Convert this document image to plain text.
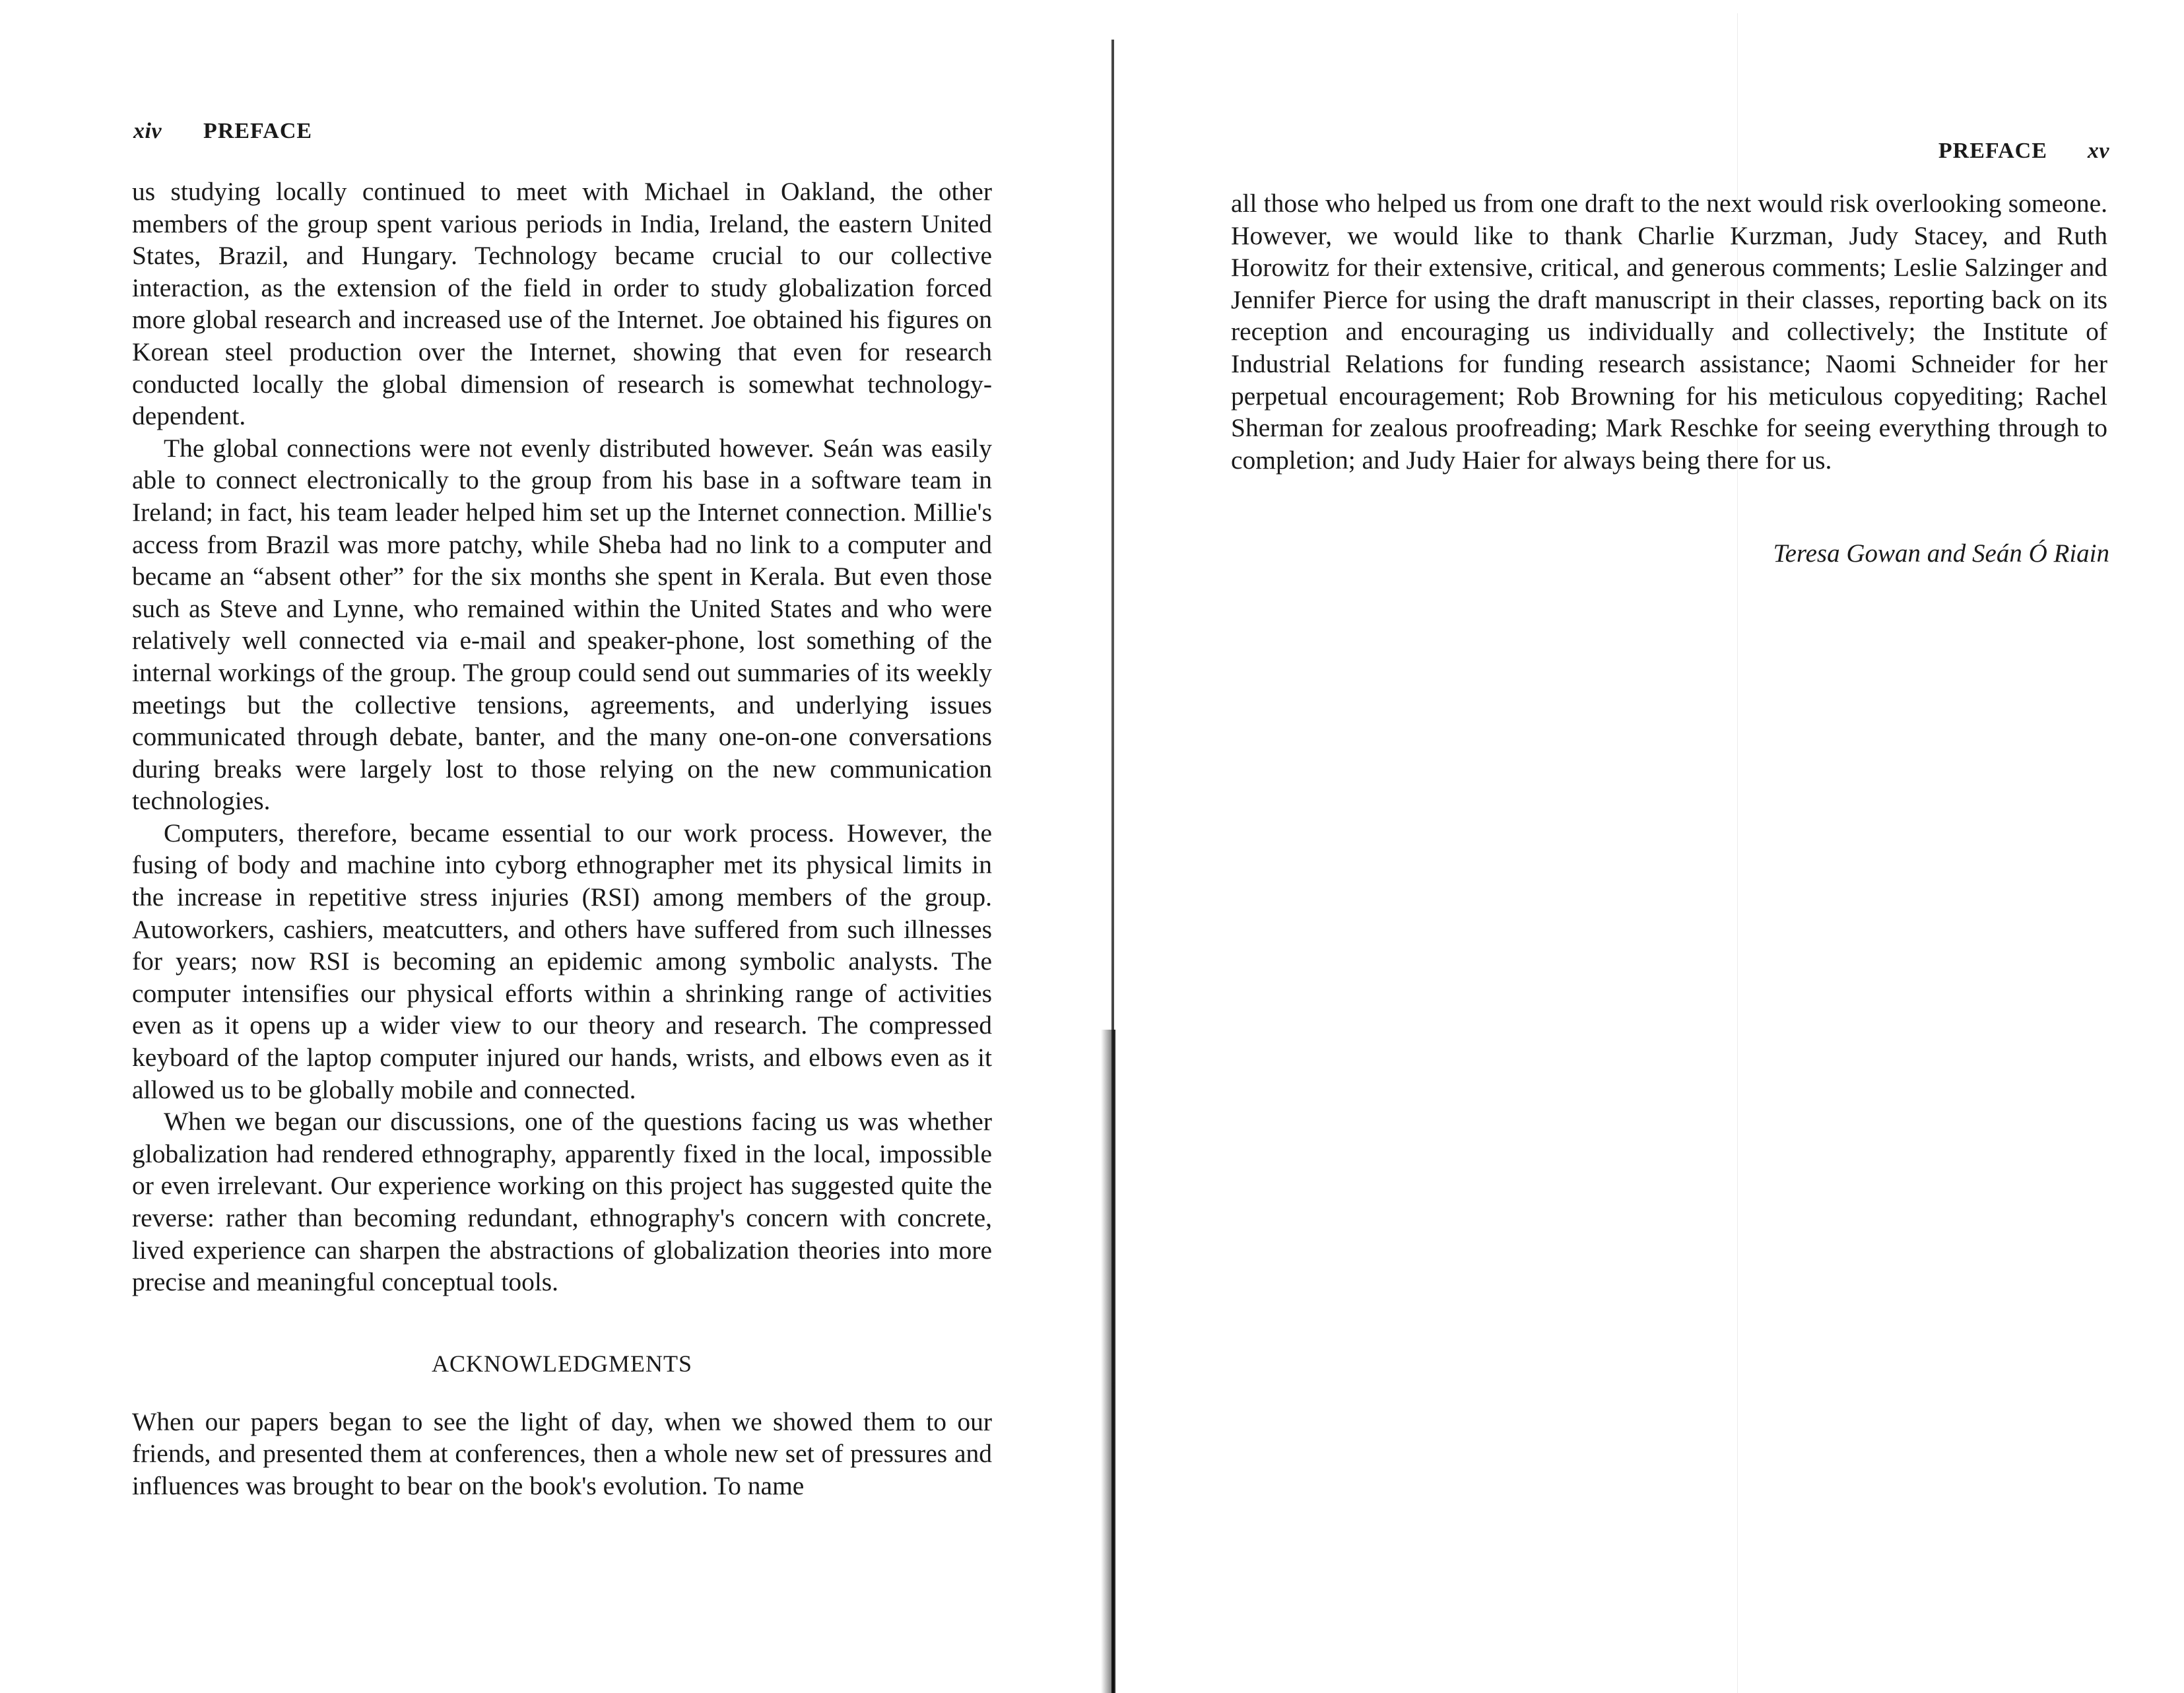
xiv PREFACE

us studying locally continued to meet with Michael in Oakland, the other members of the group spent various periods in India, Ireland, the eastern United States, Brazil, and Hungary. Technology became crucial to our collective interaction, as the extension of the field in order to study globalization forced more global research and increased use of the Internet. Joe obtained his figures on Korean steel production over the Internet, showing that even for research conducted locally the global dimension of research is somewhat technology-dependent.

The global connections were not evenly distributed however. Seán was easily able to connect electronically to the group from his base in a software team in Ireland; in fact, his team leader helped him set up the Internet connection. Millie's access from Brazil was more patchy, while Sheba had no link to a computer and became an “absent other” for the six months she spent in Kerala. But even those such as Steve and Lynne, who remained within the United States and who were relatively well connected via e-mail and speaker-phone, lost something of the internal workings of the group. The group could send out summaries of its weekly meetings but the collective tensions, agreements, and underlying issues communicated through debate, banter, and the many one-on-one conversations during breaks were largely lost to those relying on the new communication technologies.

Computers, therefore, became essential to our work process. However, the fusing of body and machine into cyborg ethnographer met its physical limits in the increase in repetitive stress injuries (RSI) among members of the group. Autoworkers, cashiers, meatcutters, and others have suffered from such illnesses for years; now RSI is becoming an epidemic among symbolic analysts. The computer intensifies our physical efforts within a shrinking range of activities even as it opens up a wider view to our theory and research. The compressed keyboard of the laptop computer injured our hands, wrists, and elbows even as it allowed us to be globally mobile and connected.

When we began our discussions, one of the questions facing us was whether globalization had rendered ethnography, apparently fixed in the local, impossible or even irrelevant. Our experience working on this project has suggested quite the reverse: rather than becoming redundant, ethnography's concern with concrete, lived experience can sharpen the abstractions of globalization theories into more precise and meaningful conceptual tools.

ACKNOWLEDGMENTS

When our papers began to see the light of day, when we showed them to our friends, and presented them at conferences, then a whole new set of pressures and influences was brought to bear on the book's evolution. To name

PREFACE xv

all those who helped us from one draft to the next would risk overlooking someone. However, we would like to thank Charlie Kurzman, Judy Stacey, and Ruth Horowitz for their extensive, critical, and generous comments; Leslie Salzinger and Jennifer Pierce for using the draft manuscript in their classes, reporting back on its reception and encouraging us individually and collectively; the Institute of Industrial Relations for funding research assistance; Naomi Schneider for her perpetual encouragement; Rob Browning for his meticulous copyediting; Rachel Sherman for zealous proofreading; Mark Reschke for seeing everything through to completion; and Judy Haier for always being there for us.

Teresa Gowan and Seán Ó Riain
